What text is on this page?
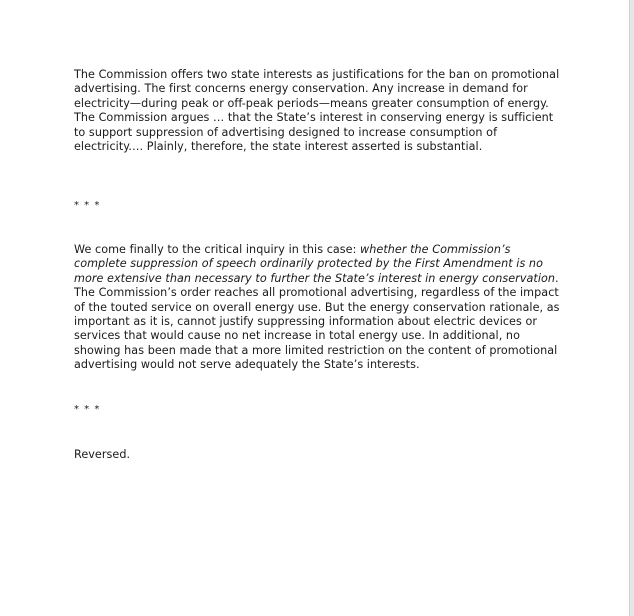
The Commission offers two state interests as justifications for the ban on promotional advertising. The first concerns energy conservation. Any increase in demand for electricity—during peak or off-peak periods—means greater consumption of energy. The Commission argues … that the State’s interest in conserving energy is sufficient to support suppression of advertising designed to increase consumption of electricity.… Plainly, therefore, the state interest asserted is substantial.

* * *

We come finally to the critical inquiry in this case: whether the Commission’s complete suppression of speech ordinarily protected by the First Amendment is no more extensive than necessary to further the State’s interest in energy conservation. The Commission’s order reaches all promotional advertising, regardless of the impact of the touted service on overall energy use. But the energy conservation rationale, as important as it is, cannot justify suppressing information about electric devices or services that would cause no net increase in total energy use. In additional, no showing has been made that a more limited restriction on the content of promotional advertising would not serve adequately the State’s interests.

* * *

Reversed.
